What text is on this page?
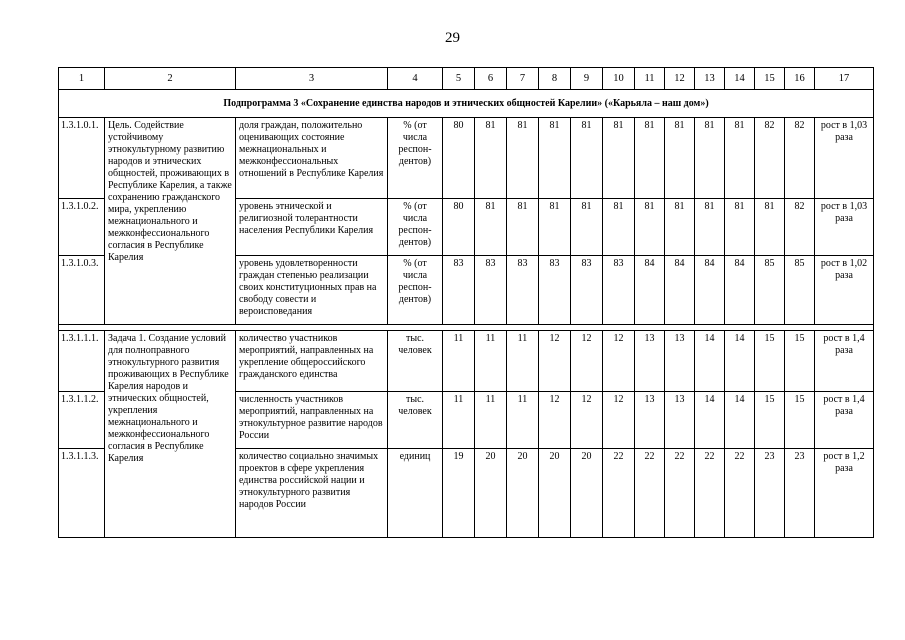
29
1	2	3	4	5	6	7	8	9	10	11	12	13	14	15	16	17
Подпрограмма 3 «Сохранение единства народов и этнических общностей Карелии» («Карьяла – наш дом»)																
1.3.1.0.1.	Цель. Содействие устойчивому этнокультурному развитию народов и этнических общностей, проживающих в Республике Карелия, а также сохранению гражданского мира, укреплению межнационального и межконфессионального согласия в Республике Карелия	доля граждан, положительно оценивающих состояние межнациональных и межконфессиональных отношений в Республике Карелия	% (от числа респон-дентов)	80	81	81	81	81	81	81	81	81	81	82	82	рост в 1,03 раза
1.3.1.0.2.		уровень этнической и религиозной толерантности населения Республики Карелия	% (от числа респон-дентов)	80	81	81	81	81	81	81	81	81	81	81	82	рост в 1,03 раза
1.3.1.0.3.		уровень удовлетворенности граждан степенью реализации своих конституционных прав на свободу совести и вероисповедания	% (от числа респон-дентов)	83	83	83	83	83	83	84	84	84	84	85	85	рост в 1,02 раза

1.3.1.1.1.	Задача 1. Создание условий для полноправного этнокультурного развития проживающих в Республике Карелия народов и этнических общностей, укрепления межнационального и межконфессионального согласия в Республике Карелия	количество участников мероприятий, направленных на укрепление общероссийского гражданского единства	тыс. человек	11	11	11	12	12	12	13	13	14	14	15	15	рост в 1,4 раза
1.3.1.1.2.		численность участников мероприятий, направленных на этнокультурное развитие народов России	тыс. человек	11	11	11	12	12	12	13	13	14	14	15	15	рост в 1,4 раза
1.3.1.1.3.		количество социально значимых проектов в сфере укрепления единства российской нации и этнокультурного развития народов России	единиц	19	20	20	20	20	22	22	22	22	22	23	23	рост в 1,2 раза
